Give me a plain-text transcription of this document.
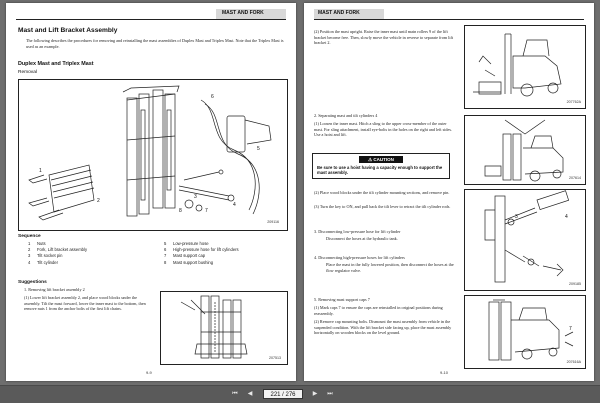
MAST AND FORK
Mast and Lift Bracket Assembly
The following describes the procedures for removing and reinstalling the mast assemblies of Duplex Mast and Triplex Mast. Note that the Triplex Mast is used as an example.
Duplex Mast and Triplex Mast
Removal
1
2
3
4
5
6
7
8
209116
Sequence
1 Nuts
2 Fork, Lift bracket assembly
3 Tilt socket pin
4 Tilt cylinder
5 Low-pressure hose
6 High-pressure hose for lift cylinders
7 Mast support cap
8 Mast support bushing
Suggestions
1. Removing lift bracket assembly 2
(1) Lower lift bracket assembly 2, and place wood blocks under the assembly. Tilt the mast forward, lower the inner mast to the bottom, then remove nuts 1 from the anchor bolts of the first lift chains.
207513
9-9
MAST AND FORK
(2) Position the mast upright. Raise the inner mast until main rollers 9 of the lift bracket become free. Then, slowly move the vehicle in reverse to separate from lift bracket 2.
207762A
2. Separating mast and tilt cylinders 4
(1) Loosen the inner mast. Hitch a sling to the upper cross-member of the outer mast. For sling attachment, install eye-bolts in the holes on the right and left sides. Use a hoist and lift.
⚠ CAUTION
Be sure to use a hoist having a capacity enough to support the mast assembly.
207614
(2) Place wood blocks under the tilt cylinder mounting sections, and remove pin.
(3) Turn the key to ON, and pull back the tilt lever to retract the tilt cylinder rods.
3. Disconnecting low-pressure hose for lift cylinder
Disconnect the hoses at the hydraulic tank.
4. Disconnecting high-pressure hoses for lift cylinders
Place the mast in the fully lowered position, then disconnect the hoses at the flow regulator valve.
3	4
209185
5. Removing mast support caps 7
(1) Mark caps 7 to ensure the caps are reinstalled in original positions during reassembly.
(2) Remove cap mounting bolts. Dismount the mast assembly from vehicle in the suspended condition. With the lift bracket side facing up, place the mast assembly horizontally on wooden blocks on the level ground.
7
207616A
9-10
⏮	◀	221 / 276	▶	⏭
